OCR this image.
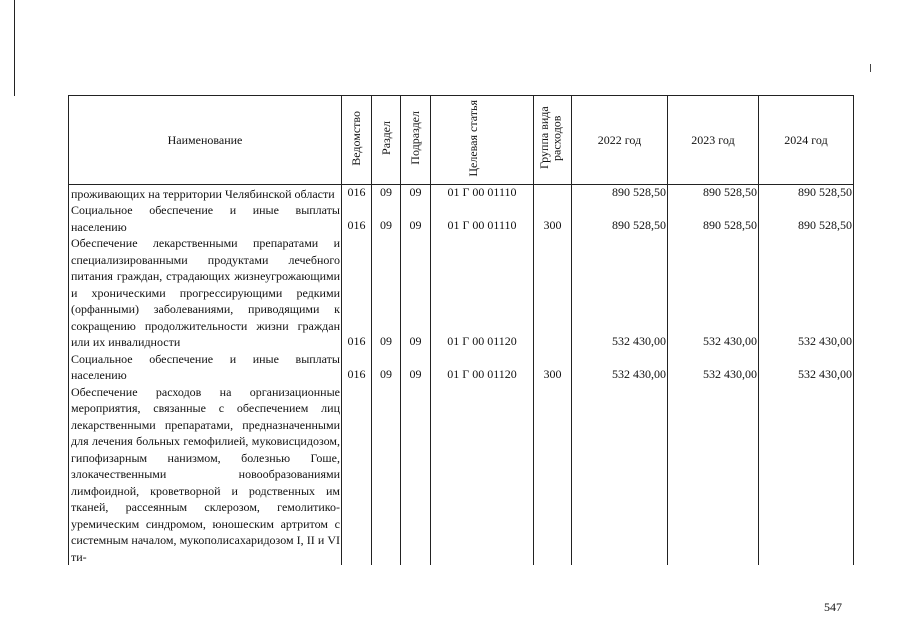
Наименование	Ведомство	Раздел	Подраздел	Целевая статья	Группа вида расходов	2022 год	2023 год	2024 год
проживающих на территории Челябинской области	016	09	09	01 Г 00 01110		890 528,50	890 528,50	890 528,50
Социальное обеспечение и иные выплаты населению	016	09	09	01 Г 00 01110	300	890 528,50	890 528,50	890 528,50
Обеспечение лекарственными препаратами и специализированными продуктами лечебного питания граждан, страдающих жизнеугрожающими и хроническими прогрессирующими редкими (орфанными) заболеваниями, приводящими к сокращению продолжительности жизни граждан или их инвалидности	016	09	09	01 Г 00 01120		532 430,00	532 430,00	532 430,00
Социальное обеспечение и иные выплаты населению	016	09	09	01 Г 00 01120	300	532 430,00	532 430,00	532 430,00
Обеспечение расходов на организационные мероприятия, связанные с обеспечением лиц лекарственными препаратами, предназначенными для лечения больных гемофилией, муковисцидозом, гипофизарным нанизмом, болезнью Гоше, злокачественными новообразованиями лимфоидной, кроветворной и родственных им тканей, рассеянным склерозом, гемолитико-уремическим синдромом, юношеским артритом с системным началом, мукополисахаридозом I, II и VI ти-								
547
